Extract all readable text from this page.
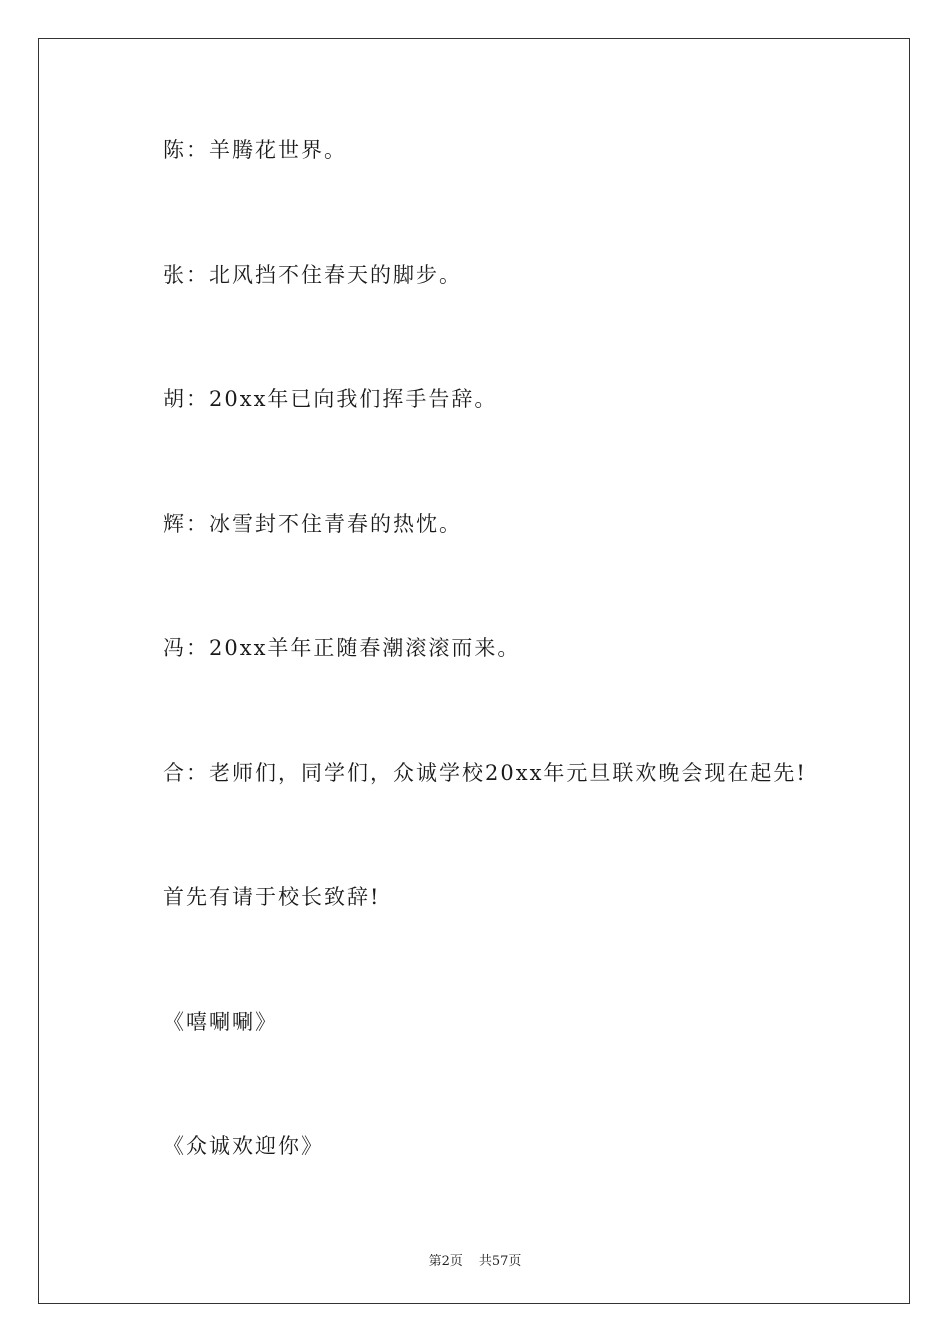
陈：羊腾花世界。
张：北风挡不住春天的脚步。
胡：20xx年已向我们挥手告辞。
辉：冰雪封不住青春的热忱。
冯：20xx羊年正随春潮滚滚而来。
合：老师们，同学们，众诚学校20xx年元旦联欢晚会现在起先!
首先有请于校长致辞!
《嘻唰唰》
《众诚欢迎你》
第2页 共57页
